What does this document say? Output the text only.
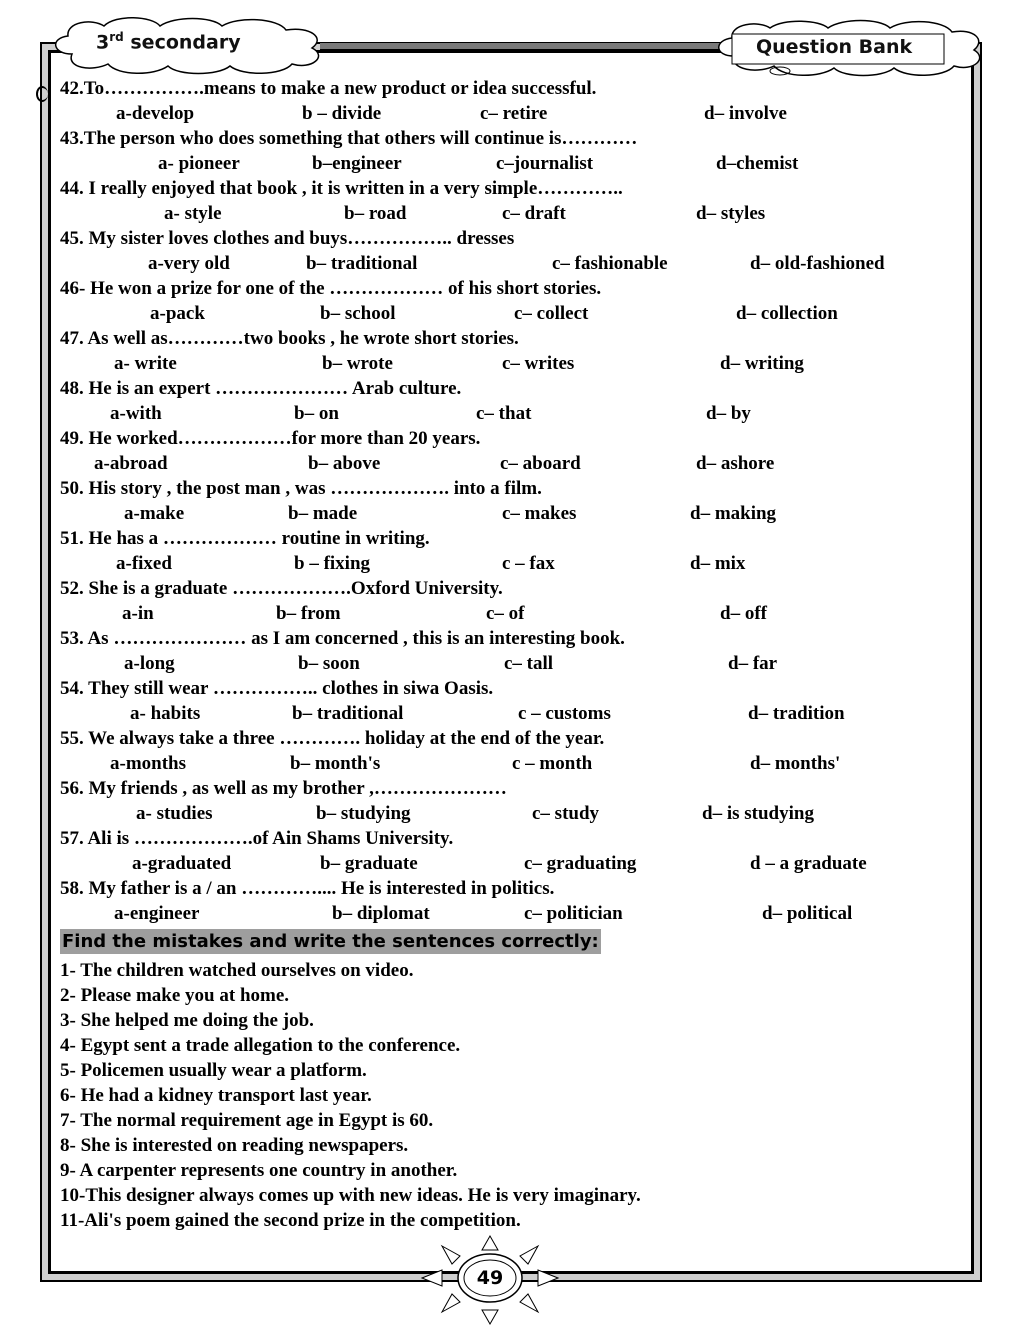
3rd secondary	Question Bank
42.To…………….means to make a new product or idea successful.
a-develop	b – divide	c– retire	d– involve
43.The person who does something that others will continue is…………
a- pioneer	b–engineer	c–journalist	d–chemist
44. I really enjoyed that book , it is written in a very simple…………..
a- style	b– road	c– draft	d– styles
45. My sister loves clothes and buys…………….. dresses
a-very old	b– traditional	c– fashionable	d– old-fashioned
46- He won a prize for one of the ……………… of his short stories.
a-pack	b– school	c– collect	d– collection
47. As well as…………two books , he wrote short stories.
a- write	b– wrote	c– writes	d– writing
48. He is an expert ………………… Arab culture.
a-with	b– on	c– that	d– by
49. He worked………………for more than 20 years.
a-abroad	b– above	c– aboard	d– ashore
50. His story , the post man , was ………………. into a film.
a-make	b– made	c– makes	d– making
51. He has a ……………… routine in writing.
a-fixed	b – fixing	c – fax	d– mix
52. She is a graduate ……………….Oxford University.
a-in	b– from	c– of	d– off
53. As ………………… as I am concerned , this is an interesting book.
a-long	b– soon	c– tall	d– far
54. They still wear …………….. clothes in siwa Oasis.
a- habits	b– traditional	c – customs	d– tradition
55. We always take a three …………. holiday at the end of the year.
a-months	b– month's	c – month	d– months'
56. My friends , as well as my brother ,…………………
a- studies	b– studying	c– study	d– is studying
57. Ali is ……………….of Ain Shams University.
a-graduated	b– graduate	c– graduating	d – a graduate
58. My father is a / an ………….... He is interested in politics.
a-engineer	b– diplomat	c– politician	d– political
Find the mistakes and write the sentences correctly:
1- The children watched ourselves on video.
2- Please make you at home.
3- She helped me doing the job.
4- Egypt sent a trade allegation to the conference.
5- Policemen usually wear a platform.
6- He had a kidney transport last year.
7- The normal requirement age in Egypt is 60.
8- She is interested on reading newspapers.
9- A carpenter represents one country in another.
10-This designer always comes up with new ideas. He is very imaginary.
11-Ali's poem gained the second prize in the competition.
49
